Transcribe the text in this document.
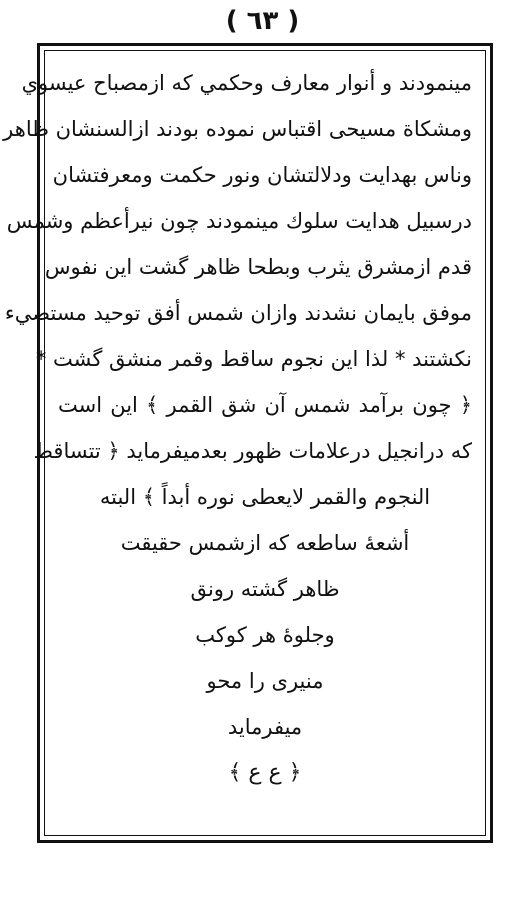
( ٦٣ )
مینمودند و أنوار معارف وحکمي که ازمصباح عیسوي
ومشکاة مسیحی اقتباس نموده بودند ازالسنشان ظاهر
وناس بهدایت ودلالتشان ونور حکمت ومعرفتشان
درسبیل هدایت سلوك مینمودند چون نیرأعظم وشمس
قدم ازمشرق یثرب وبطحا ظاهر گشت این نفوس
موفق بایمان نشدند وازان شمس أفق توحید مستضيء
نکشتند * لذا این نجوم ساقط وقمر منشق گشت *
﴿ چون برآمد شمس آن شق القمر ﴾ این است
که درانجیل درعلامات ظهور بعدمیفرماید ﴿ تتساقط
النجوم والقمر لایعطی نوره أبداً ﴾ البته
أشعهٔ ساطعه که ازشمس حقیقت
ظاهر گشته رونق
وجلوهٔ هر کوکب
منیری را محو
میفرماید
﴿ ع ع ﴾
